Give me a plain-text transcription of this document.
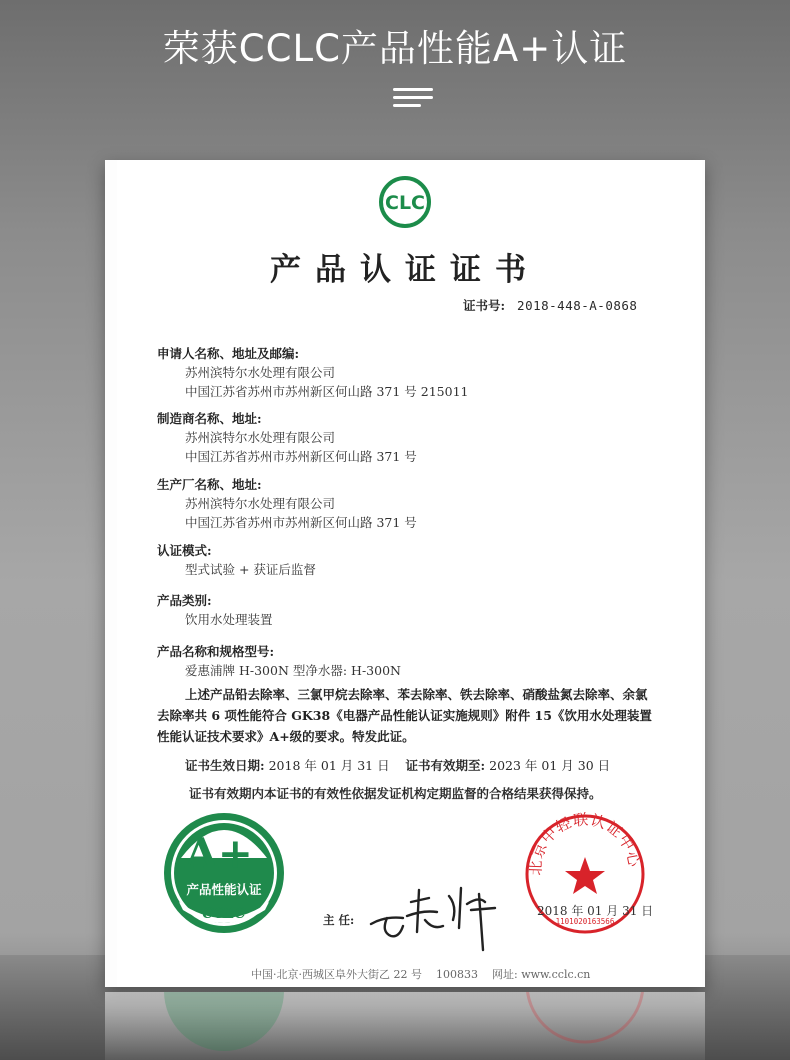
荣获CCLC产品性能A+认证
CLC
产品认证证书
证书号: 2018-448-A-0868
申请人名称、地址及邮编:
苏州滨特尔水处理有限公司
中国江苏省苏州市苏州新区何山路 371 号 215011
制造商名称、地址:
苏州滨特尔水处理有限公司
中国江苏省苏州市苏州新区何山路 371 号
生产厂名称、地址:
苏州滨特尔水处理有限公司
中国江苏省苏州市苏州新区何山路 371 号
认证模式:
型式试验 + 获证后监督
产品类别:
饮用水处理装置
产品名称和规格型号:
爱惠浦牌 H-300N 型净水器: H-300N
上述产品铅去除率、三氯甲烷去除率、苯去除率、铁去除率、硝酸盐氮去除率、余氯去除率共 6 项性能符合 GK38《电器产品性能认证实施规则》附件 15《饮用水处理装置性能认证技术要求》A+级的要求。特发此证。
证书生效日期: 2018 年 01 月 31 日 证书有效期至: 2023 年 01 月 30 日
证书有效期内本证书的有效性依据发证机构定期监督的合格结果获得保持。
A+
产品性能认证
CCLC
北京中轻联认证中心
1101020163566
主 任:
2018 年 01 月 31 日
中国·北京·西城区阜外大街乙 22 号 100833 网址: www.cclc.cn
